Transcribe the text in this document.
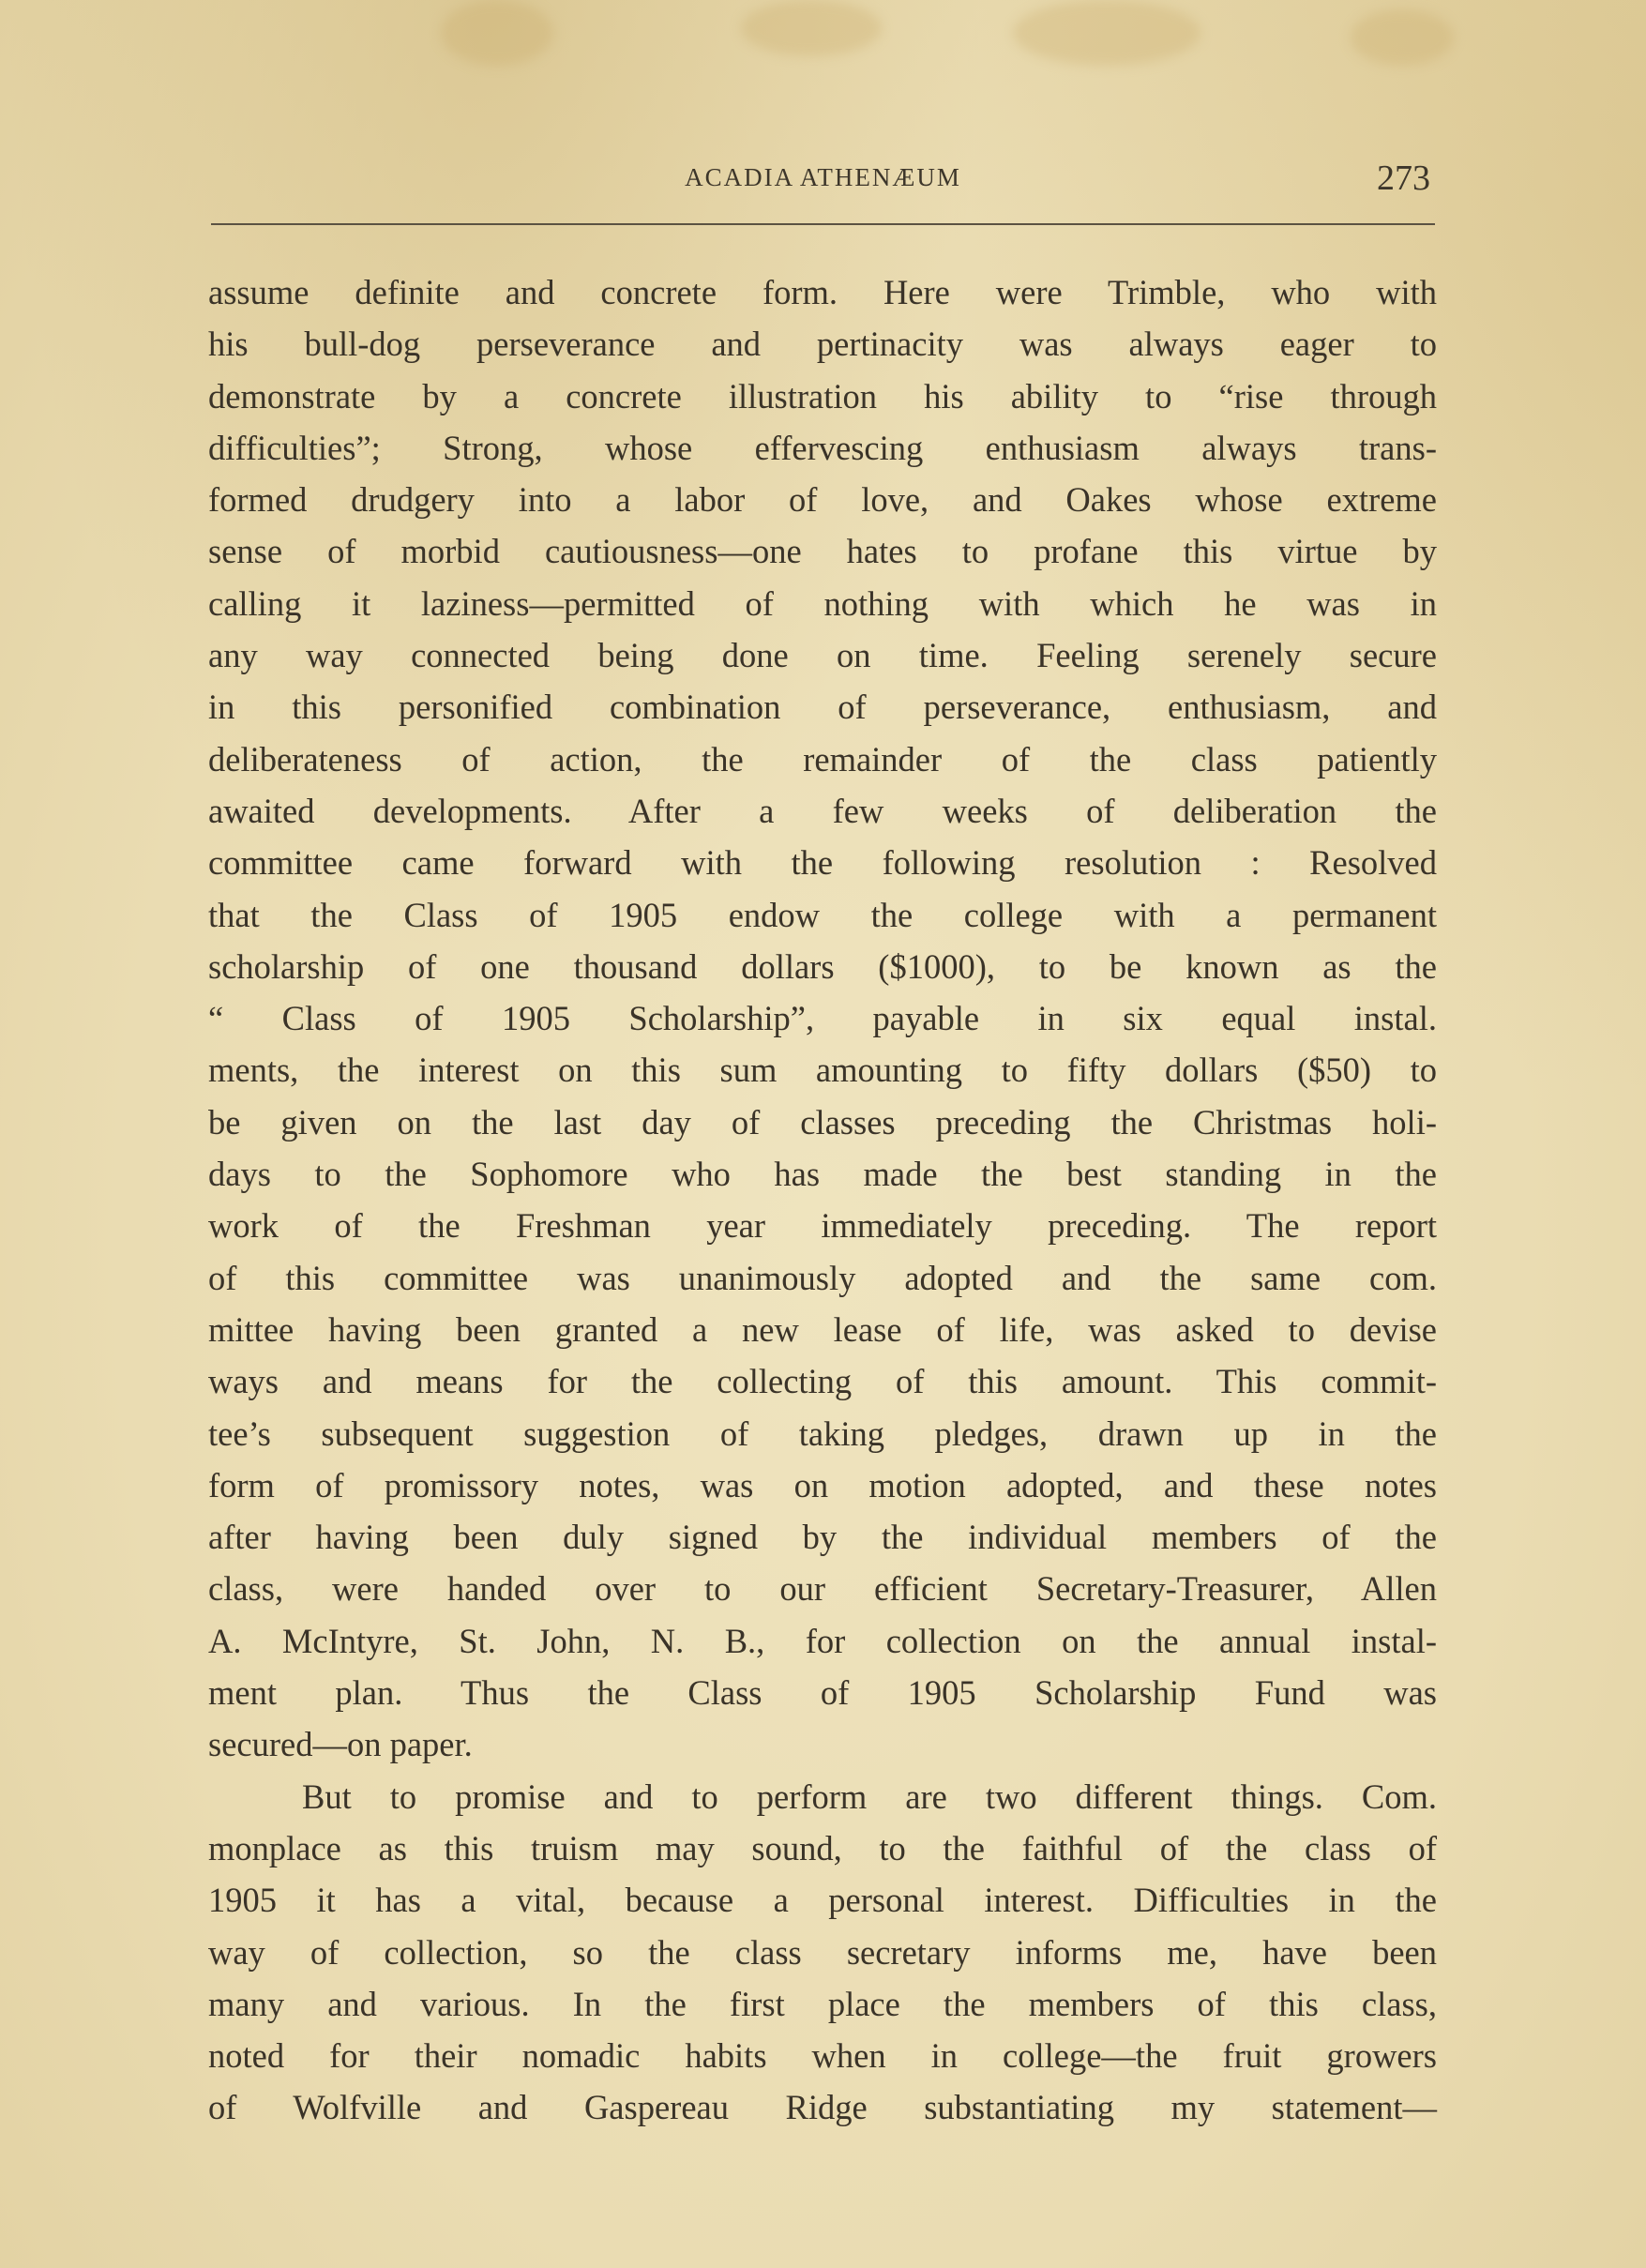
ACADIA ATHENÆUM	273
assume definite and concrete form. Here were Trimble, who with
his bull-dog perseverance and pertinacity was always eager to
demonstrate by a concrete illustration his ability to “rise through
difficulties”; Strong, whose effervescing enthusiasm always trans-
formed drudgery into a labor of love, and Oakes whose extreme
sense of morbid cautiousness—one hates to profane this virtue by
calling it laziness—permitted of nothing with which he was in
any way connected being done on time. Feeling serenely secure
in this personified combination of perseverance, enthusiasm, and
deliberateness of action, the remainder of the class patiently
awaited developments. After a few weeks of deliberation the
committee came forward with the following resolution : Resolved
that the Class of 1905 endow the college with a permanent
scholarship of one thousand dollars ($1000), to be known as the
“ Class of 1905 Scholarship”, payable in six equal instal.
ments, the interest on this sum amounting to fifty dollars ($50) to
be given on the last day of classes preceding the Christmas holi-
days to the Sophomore who has made the best standing in the
work of the Freshman year immediately preceding. The report
of this committee was unanimously adopted and the same com.
mittee having been granted a new lease of life, was asked to devise
ways and means for the collecting of this amount. This commit-
tee’s subsequent suggestion of taking pledges, drawn up in the
form of promissory notes, was on motion adopted, and these notes
after having been duly signed by the individual members of the
class, were handed over to our efficient Secretary-Treasurer, Allen
A. McIntyre, St. John, N. B., for collection on the annual instal-
ment plan. Thus the Class of 1905 Scholarship Fund was
secured—on paper.
But to promise and to perform are two different things. Com.
monplace as this truism may sound, to the faithful of the class of
1905 it has a vital, because a personal interest. Difficulties in the
way of collection, so the class secretary informs me, have been
many and various. In the first place the members of this class,
noted for their nomadic habits when in college—the fruit growers
of Wolfville and Gaspereau Ridge substantiating my statement—
